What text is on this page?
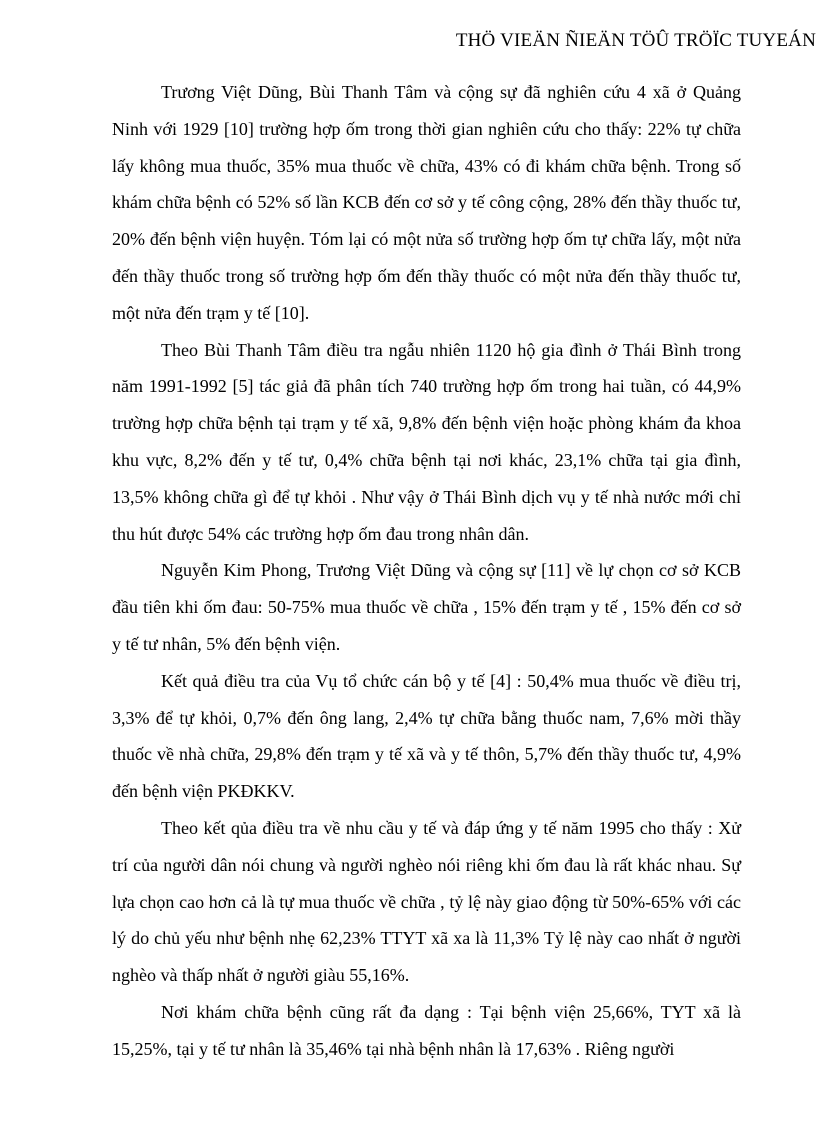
THÖ VIEÄN ÑIEÄN TÖÛ TRÖÏC TUYEÁN

Trương Việt Dũng, Bùi Thanh Tâm và cộng sự đã nghiên cứu 4 xã ở Quảng Ninh với 1929 [10] trường hợp ốm trong thời gian nghiên cứu cho thấy: 22% tự chữa lấy không mua thuốc, 35% mua thuốc về chữa, 43% có đi khám chữa bệnh. Trong số khám chữa bệnh có 52% số lần KCB đến cơ sở y tế công cộng, 28% đến thầy thuốc tư, 20% đến bệnh viện huyện. Tóm lại có một nửa số trường hợp ốm tự chữa lấy, một nửa đến thầy thuốc trong số trường hợp ốm đến thầy thuốc có một nửa đến thầy thuốc tư, một nửa đến trạm y tế [10].

Theo Bùi Thanh Tâm điều tra ngẫu nhiên 1120 hộ gia đình ở Thái Bình trong năm 1991-1992 [5] tác giả đã phân tích 740 trường hợp ốm trong hai tuần, có 44,9% trường hợp chữa bệnh tại trạm y tế xã, 9,8% đến bệnh viện hoặc phòng khám đa khoa khu vực, 8,2% đến y tế tư, 0,4% chữa bệnh tại nơi khác, 23,1% chữa tại gia đình, 13,5% không chữa gì để tự khỏi . Như vậy ở Thái Bình dịch vụ y tế nhà nước mới chỉ thu hút được 54% các trường hợp ốm đau trong nhân dân.

Nguyễn Kim Phong, Trương Việt Dũng và cộng sự [11] về lự chọn cơ sở KCB đầu tiên khi ốm đau: 50-75% mua thuốc về chữa , 15% đến trạm y tế , 15% đến cơ sở y tế tư nhân, 5% đến bệnh viện.

Kết quả điều tra của Vụ tổ chức cán bộ y tế [4] : 50,4% mua thuốc về điều trị, 3,3% để tự khỏi, 0,7% đến ông lang, 2,4% tự chữa bằng thuốc nam, 7,6% mời thầy thuốc về nhà chữa, 29,8% đến trạm y tế xã và y tế thôn, 5,7% đến thầy thuốc tư, 4,9% đến bệnh viện PKĐKKV.

Theo kết qủa điều tra về nhu cầu y tế và đáp ứng y tế năm 1995 cho thấy : Xử trí của người dân nói chung và người nghèo nói riêng khi ốm đau là rất khác nhau. Sự lựa chọn cao hơn cả là tự mua thuốc về chữa , tỷ lệ này giao động từ 50%-65% với các lý do chủ yếu như bệnh nhẹ 62,23% TTYT xã xa là 11,3% Tỷ lệ này cao nhất ở người nghèo và thấp nhất ở người giàu 55,16%.

Nơi khám chữa bệnh cũng rất đa dạng : Tại bệnh viện 25,66%, TYT xã là 15,25%, tại y tế tư nhân là 35,46% tại nhà bệnh nhân là 17,63% . Riêng người
